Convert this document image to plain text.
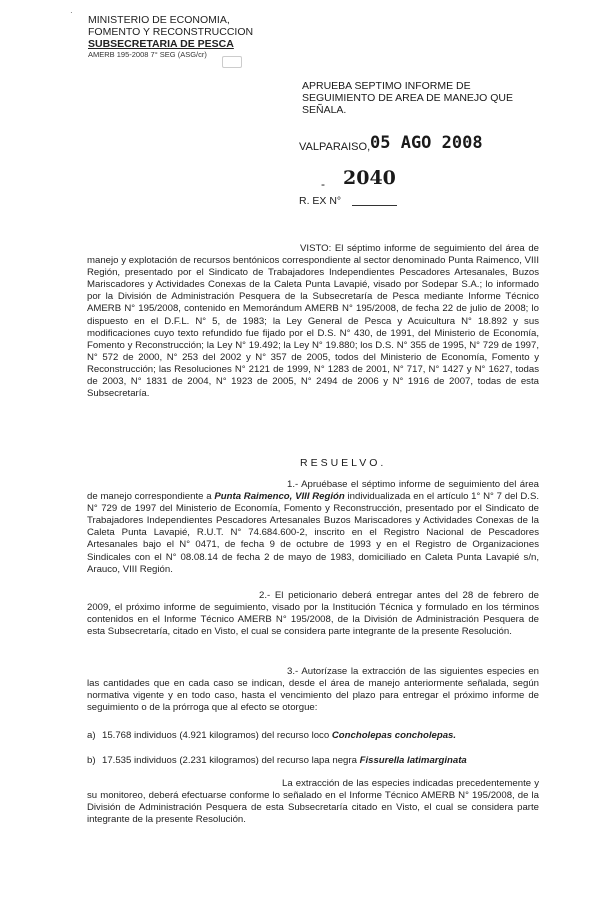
·
MINISTERIO DE ECONOMIA,
FOMENTO Y RECONSTRUCCION
SUBSECRETARIA DE PESCA
AMERB 195-2008 7° SEG (ASG/cr)
APRUEBA SEPTIMO INFORME DE SEGUIMIENTO DE AREA DE MANEJO QUE SEÑALA.
VALPARAISO, 05 AGO 2008
- 2040
R. EX N°

VISTO: El séptimo informe de seguimiento del área de manejo y explotación de recursos bentónicos correspondiente al sector denominado Punta Raimenco, VIII Región, presentado por el Sindicato de Trabajadores Independientes Pescadores Artesanales, Buzos Mariscadores y Actividades Conexas de la Caleta Punta Lavapié, visado por Sodepar S.A.; lo informado por la División de Administración Pesquera de la Subsecretaría de Pesca mediante Informe Técnico AMERB N° 195/2008, contenido en Memorándum AMERB N° 195/2008, de fecha 22 de julio de 2008; lo dispuesto en el D.F.L. N° 5, de 1983; la Ley General de Pesca y Acuicultura N° 18.892 y sus modificaciones cuyo texto refundido fue fijado por el D.S. N° 430, de 1991, del Ministerio de Economía, Fomento y Reconstrucción; la Ley N° 19.492; la Ley N° 19.880; los D.S. N° 355 de 1995, N° 729 de 1997, N° 572 de 2000, N° 253 del 2002 y N° 357 de 2005, todos del Ministerio de Economía, Fomento y Reconstrucción; las Resoluciones N° 2121 de 1999, N° 1283 de 2001, N° 717, N° 1427 y N° 1627, todas de 2003, N° 1831 de 2004, N° 1923 de 2005, N° 2494 de 2006 y N° 1916 de 2007, todas de esta Subsecretaría.

RESUELVO.

1.- Apruébase el séptimo informe de seguimiento del área de manejo correspondiente a Punta Raimenco, VIII Región individualizada en el artículo 1° N° 7 del D.S. N° 729 de 1997 del Ministerio de Economía, Fomento y Reconstrucción, presentado por el Sindicato de Trabajadores Independientes Pescadores Artesanales Buzos Mariscadores y Actividades Conexas de la Caleta Punta Lavapié, R.U.T. N° 74.684.600-2, inscrito en el Registro Nacional de Pescadores Artesanales bajo el N° 0471, de fecha 9 de octubre de 1993 y en el Registro de Organizaciones Sindicales con el N° 08.08.14 de fecha 2 de mayo de 1983, domiciliado en Caleta Punta Lavapié s/n, Arauco, VIII Región.

2.- El peticionario deberá entregar antes del 28 de febrero de 2009, el próximo informe de seguimiento, visado por la Institución Técnica y formulado en los términos contenidos en el Informe Técnico AMERB N° 195/2008, de la División de Administración Pesquera de esta Subsecretaría, citado en Visto, el cual se considera parte integrante de la presente Resolución.

3.- Autorízase la extracción de las siguientes especies en las cantidades que en cada caso se indican, desde el área de manejo anteriormente señalada, según normativa vigente y en todo caso, hasta el vencimiento del plazo para entregar el próximo informe de seguimiento o de la prórroga que al efecto se otorgue:

a) 15.768 individuos (4.921 kilogramos) del recurso loco Concholepas concholepas.
b) 17.535 individuos (2.231 kilogramos) del recurso lapa negra Fissurella latimarginata

La extracción de las especies indicadas precedentemente y su monitoreo, deberá efectuarse conforme lo señalado en el Informe Técnico AMERB N° 195/2008, de la División de Administración Pesquera de esta Subsecretaría citado en Visto, el cual se considera parte integrante de la presente Resolución.
